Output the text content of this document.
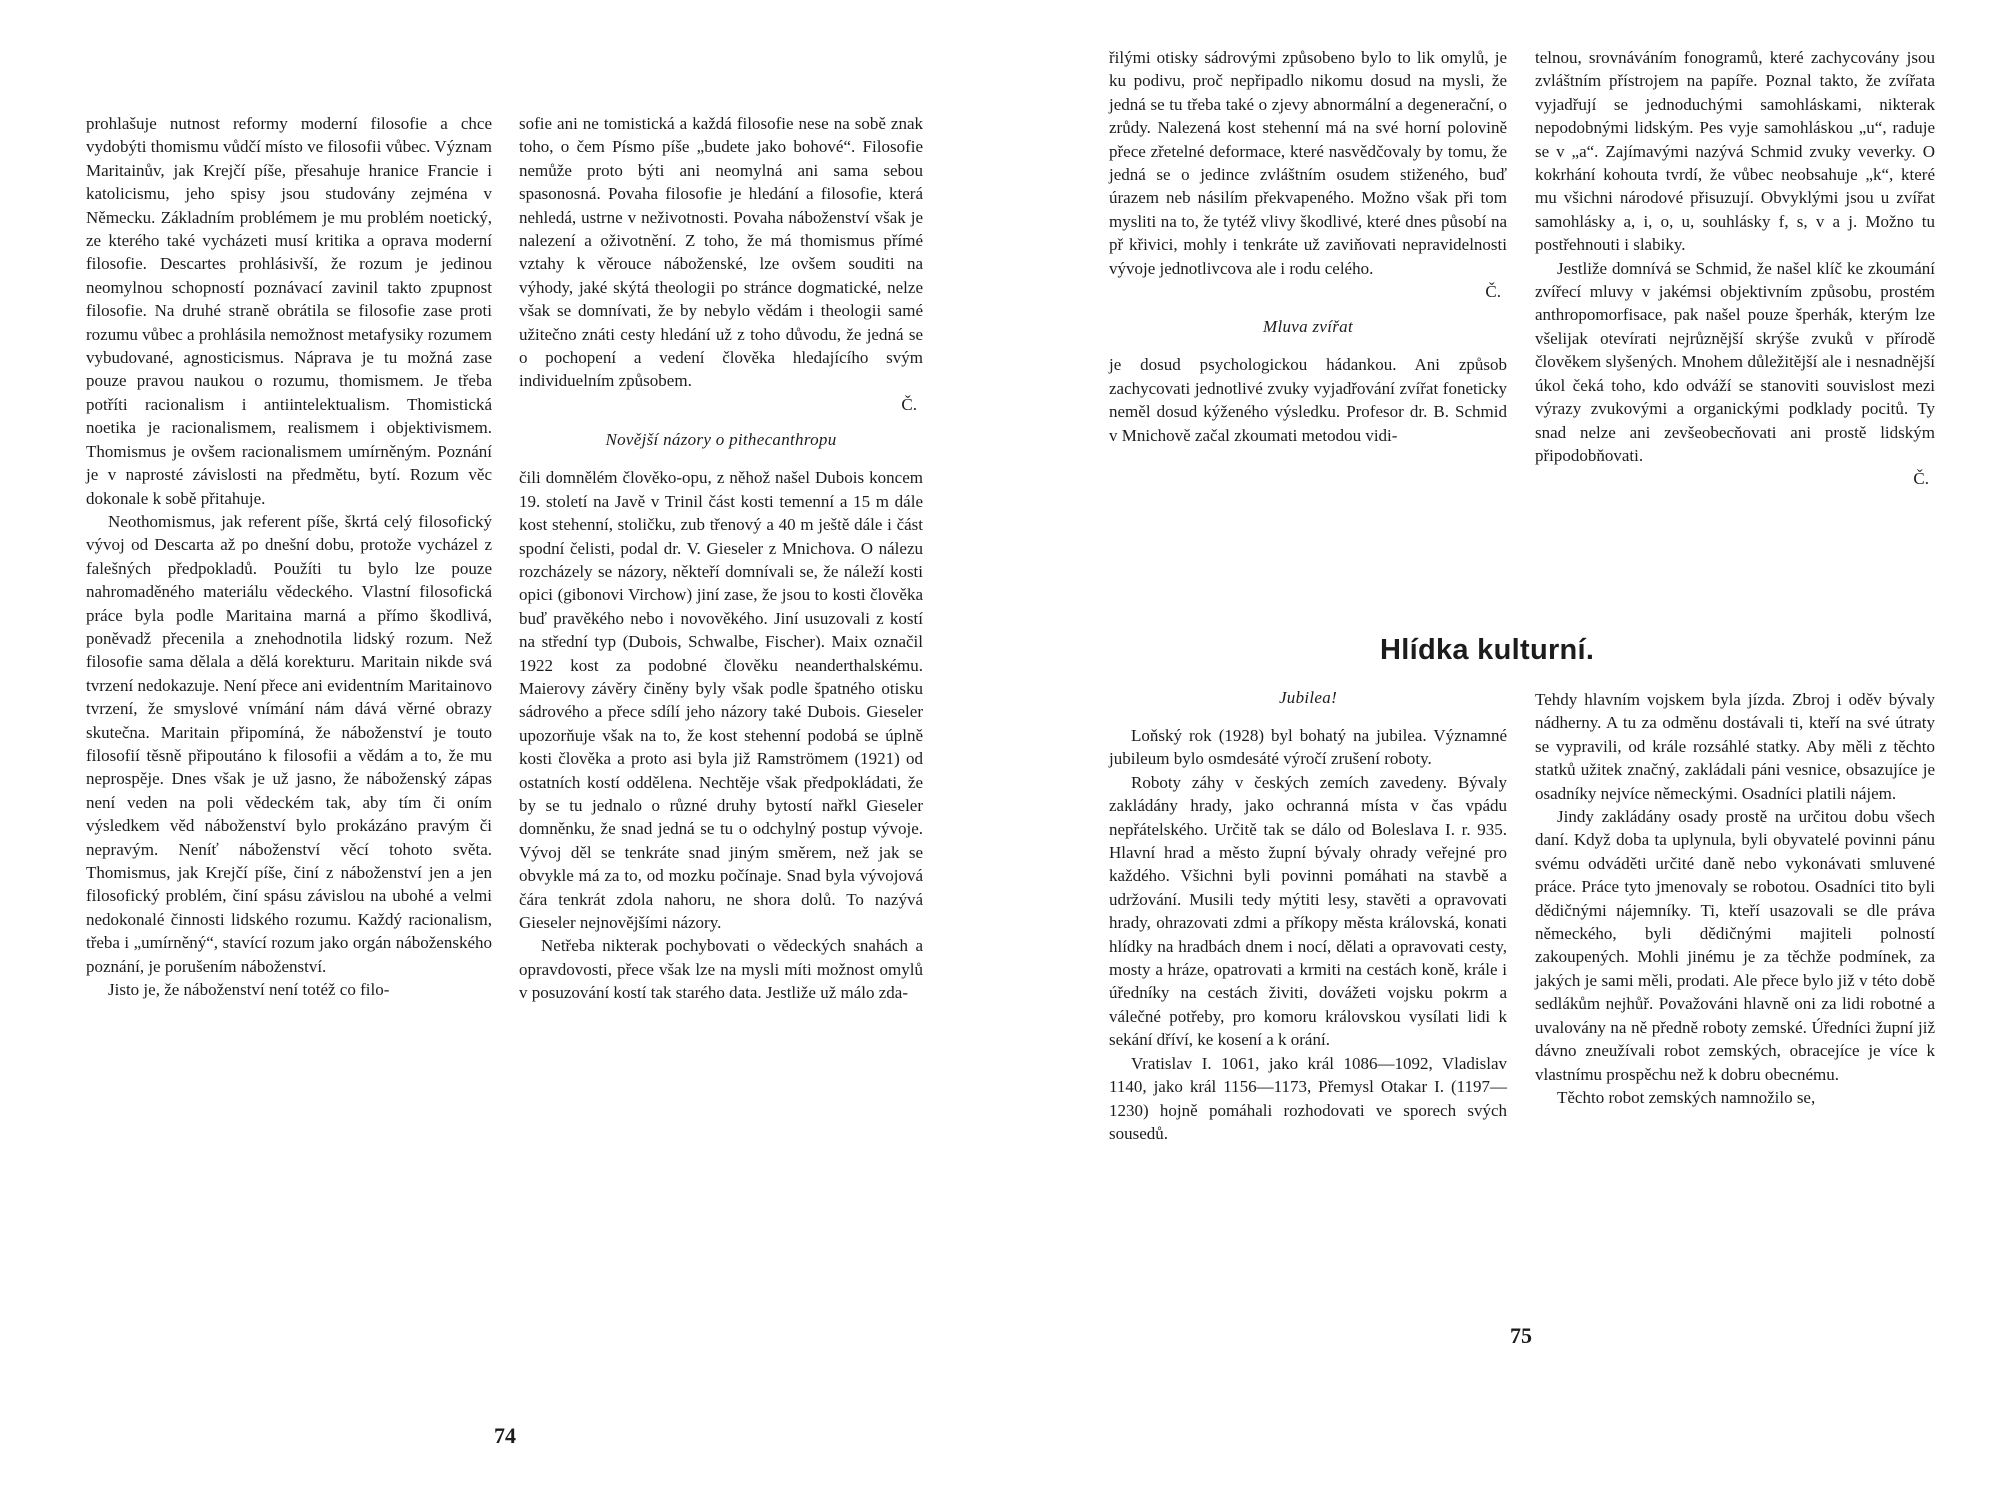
prohlašuje nutnost reformy moderní filosofie a chce vydobýti thomismu vůdčí místo ve filosofii vůbec. Význam Maritainův, jak Krejčí píše, přesahuje hranice Francie i katolicismu, jeho spisy jsou studovány zejména v Německu. Základním problémem je mu problém noetický, ze kterého také vycházeti musí kritika a oprava moderní filosofie. Descartes prohlásivší, že rozum je jedinou neomylnou schopností poznávací zavinil takto zpupnost filosofie. Na druhé straně obrátila se filosofie zase proti rozumu vůbec a prohlásila nemožnost metafysiky rozumem vybudované, agnosticismus. Náprava je tu možná zase pouze pravou naukou o rozumu, thomismem. Je třeba potříti racionalism i antiintelektualism. Thomistická noetika je racionalismem, realismem i objektivismem. Thomismus je ovšem racionalismem umírněným. Poznání je v naprosté závislosti na předmětu, bytí. Rozum věc dokonale k sobě přitahuje.

Neothomismus, jak referent píše, škrtá celý filosofický vývoj od Descarta až po dnešní dobu, protože vycházel z falešných předpokladů. Použíti tu bylo lze pouze nahromaděného materiálu vědeckého. Vlastní filosofická práce byla podle Maritaina marná a přímo škodlivá, poněvadž přecenila a znehodnotila lidský rozum. Než filosofie sama dělala a dělá korekturu. Maritain nikde svá tvrzení nedokazuje. Není přece ani evidentním Maritainovo tvrzení, že smyslové vnímání nám dává věrné obrazy skutečna. Maritain připomíná, že náboženství je touto filosofií těsně připoutáno k filosofii a vědám a to, že mu neprospěje. Dnes však je už jasno, že náboženský zápas není veden na poli vědeckém tak, aby tím či oním výsledkem věd náboženství bylo prokázáno pravým či nepravým. Neníť náboženství věcí tohoto světa. Thomismus, jak Krejčí píše, činí z náboženství jen a jen filosofický problém, činí spásu závislou na ubohé a velmi nedokonalé činnosti lidského rozumu. Každý racionalism, třeba i „umírněný“, stavící rozum jako orgán náboženského poznání, je porušením náboženství.

Jisto je, že náboženství není totéž co filo-

sofie ani ne tomistická a každá filosofie nese na sobě znak toho, o čem Písmo píše „budete jako bohové“. Filosofie nemůže proto býti ani neomylná ani sama sebou spasonosná. Povaha filosofie je hledání a filosofie, která nehledá, ustrne v neživotnosti. Povaha náboženství však je nalezení a oživotnění. Z toho, že má thomismus přímé vztahy k věrouce náboženské, lze ovšem souditi na výhody, jaké skýtá theologii po stránce dogmatické, nelze však se domnívati, že by nebylo vědám i theologii samé užitečno znáti cesty hledání už z toho důvodu, že jedná se o pochopení a vedení člověka hledajícího svým individuelním způsobem.

Č.

Novější názory o pithecanthropu

čili domnělém člověko-opu, z něhož našel Dubois koncem 19. století na Javě v Trinil část kosti temenní a 15 m dále kost stehenní, stoličku, zub třenový a 40 m ještě dále i část spodní čelisti, podal dr. V. Gieseler z Mnichova. O nálezu rozcházely se názory, někteří domnívali se, že náleží kosti opici (gibonovi Virchow) jiní zase, že jsou to kosti člověka buď pravěkého nebo i novověkého. Jiní usuzovali z kostí na střední typ (Dubois, Schwalbe, Fischer). Maix označil 1922 kost za podobné člověku neanderthalskému. Maierovy závěry činěny byly však podle špatného otisku sádrového a přece sdílí jeho názory také Dubois. Gieseler upozorňuje však na to, že kost stehenní podobá se úplně kosti člověka a proto asi byla již Ramströmem (1921) od ostatních kostí oddělena. Nechtěje však předpokládati, že by se tu jednalo o různé druhy bytostí nařkl Gieseler domněnku, že snad jedná se tu o odchylný postup vývoje. Vývoj děl se tenkráte snad jiným směrem, než jak se obvykle má za to, od mozku počínaje. Snad byla vývojová čára tenkrát zdola nahoru, ne shora dolů. To nazývá Gieseler nejnovějšími názory.

Netřeba nikterak pochybovati o vědeckých snahách a opravdovosti, přece však lze na mysli míti možnost omylů v posuzování kostí tak starého data. Jestliže už málo zda-

74

řilými otisky sádrovými způsobeno bylo to lik omylů, je ku podivu, proč nepřipadlo nikomu dosud na mysli, že jedná se tu třeba také o zjevy abnormální a degenerační, o zrůdy. Nalezená kost stehenní má na své horní polovině přece zřetelné deformace, které nasvědčovaly by tomu, že jedná se o jedince zvláštním osudem stiženého, buď úrazem neb násilím překvapeného. Možno však při tom mysliti na to, že tytéž vlivy škodlivé, které dnes působí na př křivici, mohly i tenkráte už zaviňovati nepravidelnosti vývoje jednotlivcova ale i rodu celého.

Č.

Mluva zvířat

je dosud psychologickou hádankou. Ani způsob zachycovati jednotlivé zvuky vyjadřování zvířat foneticky neměl dosud kýženého výsledku. Profesor dr. B. Schmid v Mnichově začal zkoumati metodou vidi-

telnou, srovnáváním fonogramů, které zachycovány jsou zvláštním přístrojem na papíře. Poznal takto, že zvířata vyjadřují se jednoduchými samohláskami, nikterak nepodobnými lidským. Pes vyje samohláskou „u“, raduje se v „a“. Zajímavými nazývá Schmid zvuky veverky. O kokrhání kohouta tvrdí, že vůbec neobsahuje „k“, které mu všichni národové přisuzují. Obvyklými jsou u zvířat samohlásky a, i, o, u, souhlásky f, s, v a j. Možno tu postřehnouti i slabiky.

Jestliže domnívá se Schmid, že našel klíč ke zkoumání zvířecí mluvy v jakémsi objektivním způsobu, prostém anthropomorfisace, pak našel pouze šperhák, kterým lze všelijak otevírati nejrůznější skrýše zvuků v přírodě člověkem slyšených. Mnohem důležitější ale i nesnadnější úkol čeká toho, kdo odváží se stanoviti souvislost mezi výrazy zvukovými a organickými podklady pocitů. Ty snad nelze ani zevšeobecňovati ani prostě lidským připodobňovati.

Č.

Hlídka kulturní.
Jubilea!

Loňský rok (1928) byl bohatý na jubilea. Významné jubileum bylo osmdesáté výročí zrušení roboty.

Roboty záhy v českých zemích zavedeny. Bývaly zakládány hrady, jako ochranná místa v čas vpádu nepřátelského. Určitě tak se dálo od Boleslava I. r. 935. Hlavní hrad a město župní bývaly ohrady veřejné pro každého. Všichni byli povinni pomáhati na stavbě a udržování. Musili tedy mýtiti lesy, stavěti a opravovati hrady, ohrazovati zdmi a příkopy města královská, konati hlídky na hradbách dnem i nocí, dělati a opravovati cesty, mosty a hráze, opatrovati a krmiti na cestách koně, krále i úředníky na cestách živiti, dovážeti vojsku pokrm a válečné potřeby, pro komoru královskou vysílati lidi k sekání dříví, ke kosení a k orání.

Vratislav I. 1061, jako král 1086—1092, Vladislav 1140, jako král 1156—1173, Přemysl Otakar I. (1197—1230) hojně pomáhali rozhodovati ve sporech svých sousedů.

Tehdy hlavním vojskem byla jízda. Zbroj i oděv bývaly nádherny. A tu za odměnu dostávali ti, kteří na své útraty se vypravili, od krále rozsáhlé statky. Aby měli z těchto statků užitek značný, zakládali páni vesnice, obsazujíce je osadníky nejvíce německými. Osadníci platili nájem.

Jindy zakládány osady prostě na určitou dobu všech daní. Když doba ta uplynula, byli obyvatelé povinni pánu svému odváděti určité daně nebo vykonávati smluvené práce. Práce tyto jmenovaly se robotou. Osadníci tito byli dědičnými nájemníky. Ti, kteří usazovali se dle práva německého, byli dědičnými majiteli polností zakoupených. Mohli jinému je za těchže podmínek, za jakých je sami měli, prodati. Ale přece bylo již v této době sedlákům nejhůř. Považováni hlavně oni za lidi robotné a uvalovány na ně předně roboty zemské. Úředníci župní již dávno zneužívali robot zemských, obracejíce je více k vlastnímu prospěchu než k dobru obecnému.

Těchto robot zemských namnožilo se,

75
